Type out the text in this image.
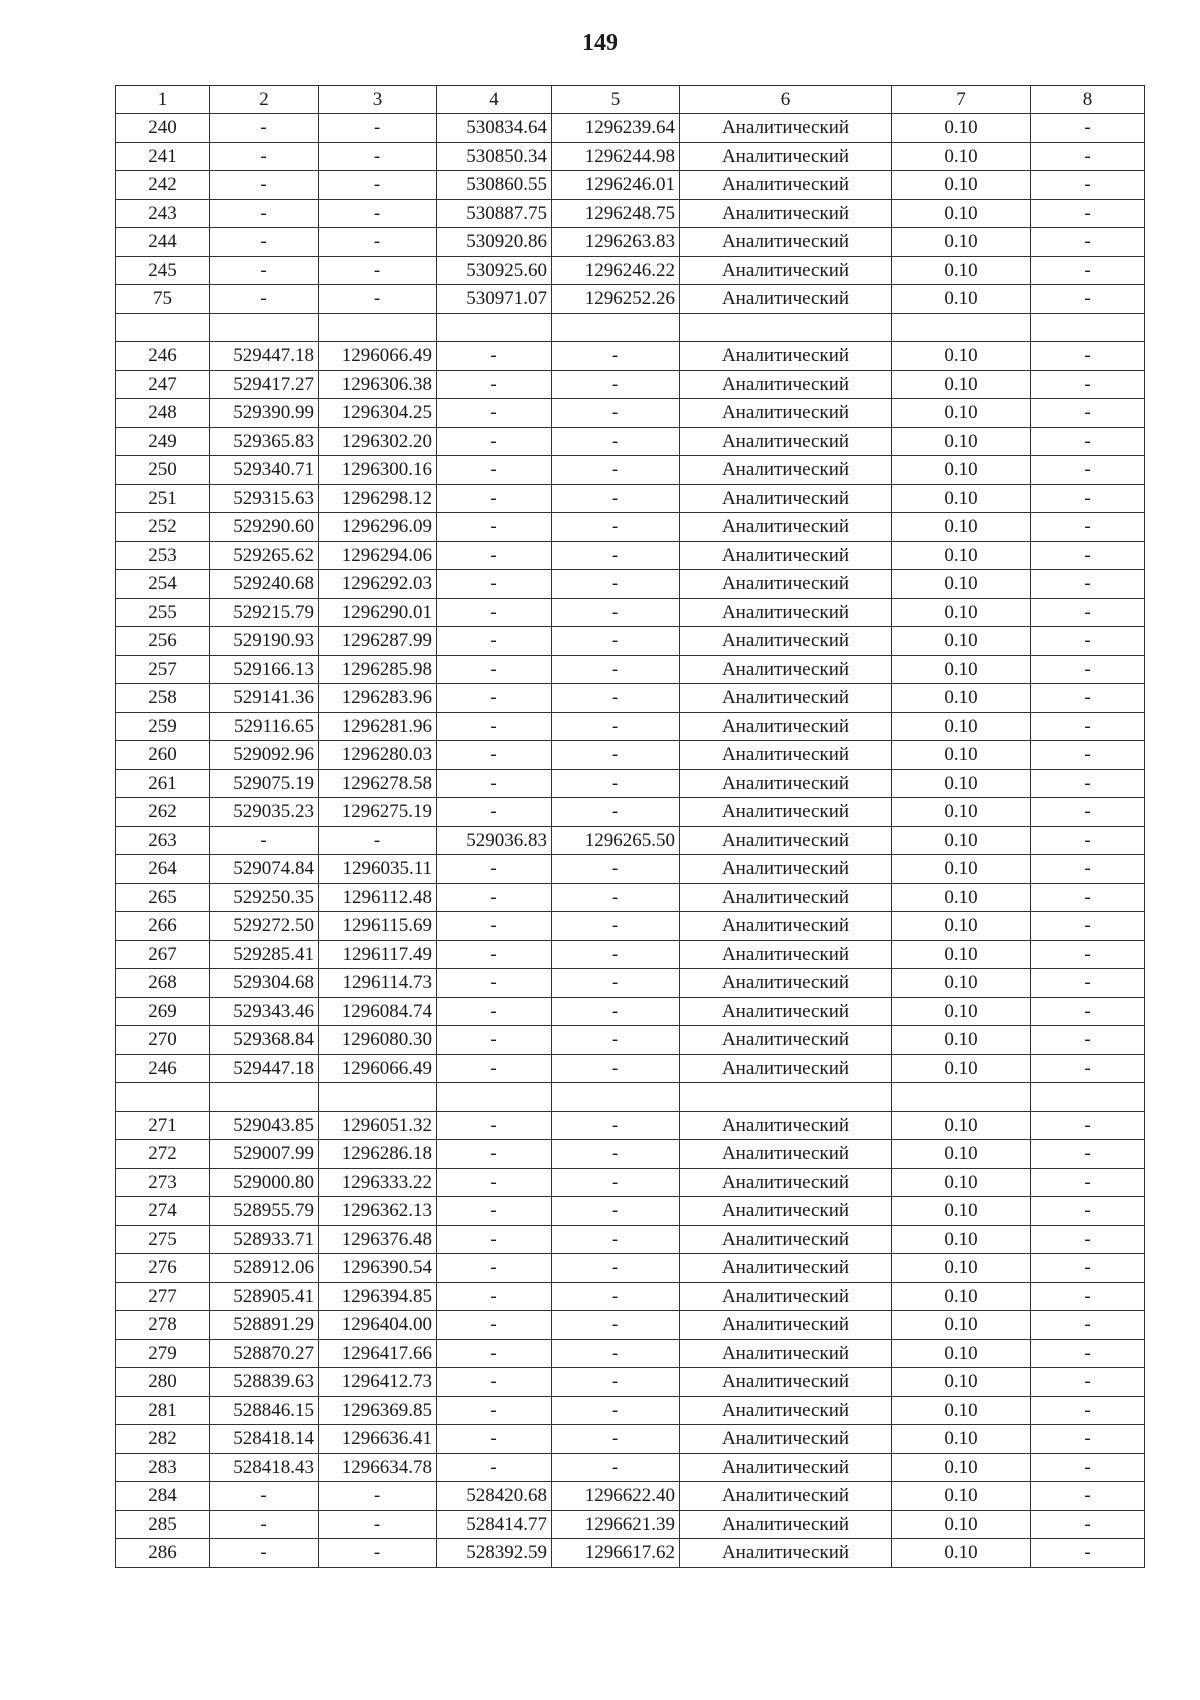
149
1	2	3	4	5	6	7	8
240	-	-	530834.64	1296239.64	Аналитический	0.10	-
241	-	-	530850.34	1296244.98	Аналитический	0.10	-
242	-	-	530860.55	1296246.01	Аналитический	0.10	-
243	-	-	530887.75	1296248.75	Аналитический	0.10	-
244	-	-	530920.86	1296263.83	Аналитический	0.10	-
245	-	-	530925.60	1296246.22	Аналитический	0.10	-
75	-	-	530971.07	1296252.26	Аналитический	0.10	-

246	529447.18	1296066.49	-	-	Аналитический	0.10	-
247	529417.27	1296306.38	-	-	Аналитический	0.10	-
248	529390.99	1296304.25	-	-	Аналитический	0.10	-
249	529365.83	1296302.20	-	-	Аналитический	0.10	-
250	529340.71	1296300.16	-	-	Аналитический	0.10	-
251	529315.63	1296298.12	-	-	Аналитический	0.10	-
252	529290.60	1296296.09	-	-	Аналитический	0.10	-
253	529265.62	1296294.06	-	-	Аналитический	0.10	-
254	529240.68	1296292.03	-	-	Аналитический	0.10	-
255	529215.79	1296290.01	-	-	Аналитический	0.10	-
256	529190.93	1296287.99	-	-	Аналитический	0.10	-
257	529166.13	1296285.98	-	-	Аналитический	0.10	-
258	529141.36	1296283.96	-	-	Аналитический	0.10	-
259	529116.65	1296281.96	-	-	Аналитический	0.10	-
260	529092.96	1296280.03	-	-	Аналитический	0.10	-
261	529075.19	1296278.58	-	-	Аналитический	0.10	-
262	529035.23	1296275.19	-	-	Аналитический	0.10	-
263	-	-	529036.83	1296265.50	Аналитический	0.10	-
264	529074.84	1296035.11	-	-	Аналитический	0.10	-
265	529250.35	1296112.48	-	-	Аналитический	0.10	-
266	529272.50	1296115.69	-	-	Аналитический	0.10	-
267	529285.41	1296117.49	-	-	Аналитический	0.10	-
268	529304.68	1296114.73	-	-	Аналитический	0.10	-
269	529343.46	1296084.74	-	-	Аналитический	0.10	-
270	529368.84	1296080.30	-	-	Аналитический	0.10	-
246	529447.18	1296066.49	-	-	Аналитический	0.10	-

271	529043.85	1296051.32	-	-	Аналитический	0.10	-
272	529007.99	1296286.18	-	-	Аналитический	0.10	-
273	529000.80	1296333.22	-	-	Аналитический	0.10	-
274	528955.79	1296362.13	-	-	Аналитический	0.10	-
275	528933.71	1296376.48	-	-	Аналитический	0.10	-
276	528912.06	1296390.54	-	-	Аналитический	0.10	-
277	528905.41	1296394.85	-	-	Аналитический	0.10	-
278	528891.29	1296404.00	-	-	Аналитический	0.10	-
279	528870.27	1296417.66	-	-	Аналитический	0.10	-
280	528839.63	1296412.73	-	-	Аналитический	0.10	-
281	528846.15	1296369.85	-	-	Аналитический	0.10	-
282	528418.14	1296636.41	-	-	Аналитический	0.10	-
283	528418.43	1296634.78	-	-	Аналитический	0.10	-
284	-	-	528420.68	1296622.40	Аналитический	0.10	-
285	-	-	528414.77	1296621.39	Аналитический	0.10	-
286	-	-	528392.59	1296617.62	Аналитический	0.10	-
